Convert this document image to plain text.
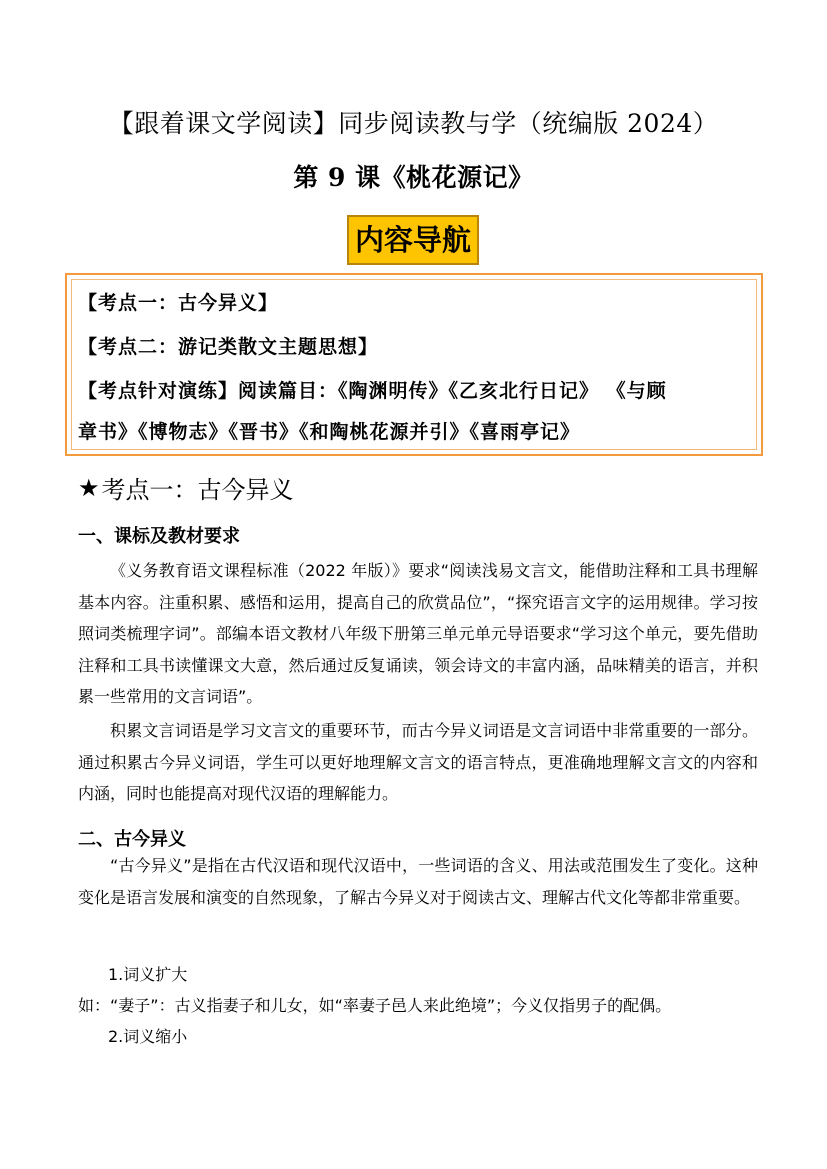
【跟着课文学阅读】同步阅读教与学（统编版 2024）
第 9 课《桃花源记》
内容导航
【考点一：古今异义】
【考点二：游记类散文主题思想】
【考点针对演练】阅读篇目：《陶渊明传》《乙亥北行日记》 《与顾
章书》《博物志》《晋书》《和陶桃花源并引》《喜雨亭记》
★ 考点一：古今异义
一、课标及教材要求
《义务教育语文课程标准（2022 年版）》要求“阅读浅易文言文，能借助注释和工具书理解基本内容。注重积累、感悟和运用，提高自己的欣赏品位”，“探究语言文字的运用规律。学习按照词类梳理字词”。部编本语文教材八年级下册第三单元单元导语要求“学习这个单元，要先借助注释和工具书读懂课文大意，然后通过反复诵读，领会诗文的丰富内涵，品味精美的语言，并积累一些常用的文言词语”。
积累文言词语是学习文言文的重要环节，而古今异义词语是文言词语中非常重要的一部分。通过积累古今异义词语，学生可以更好地理解文言文的语言特点，更准确地理解文言文的内容和内涵，同时也能提高对现代汉语的理解能力。
二、古今异义
“古今异义”是指在古代汉语和现代汉语中，一些词语的含义、用法或范围发生了变化。这种变化是语言发展和演变的自然现象，了解古今异义对于阅读古文、理解古代文化等都非常重要。
1.词义扩大
如：“妻子”：古义指妻子和儿女，如“率妻子邑人来此绝境”；今义仅指男子的配偶。
2.词义缩小
